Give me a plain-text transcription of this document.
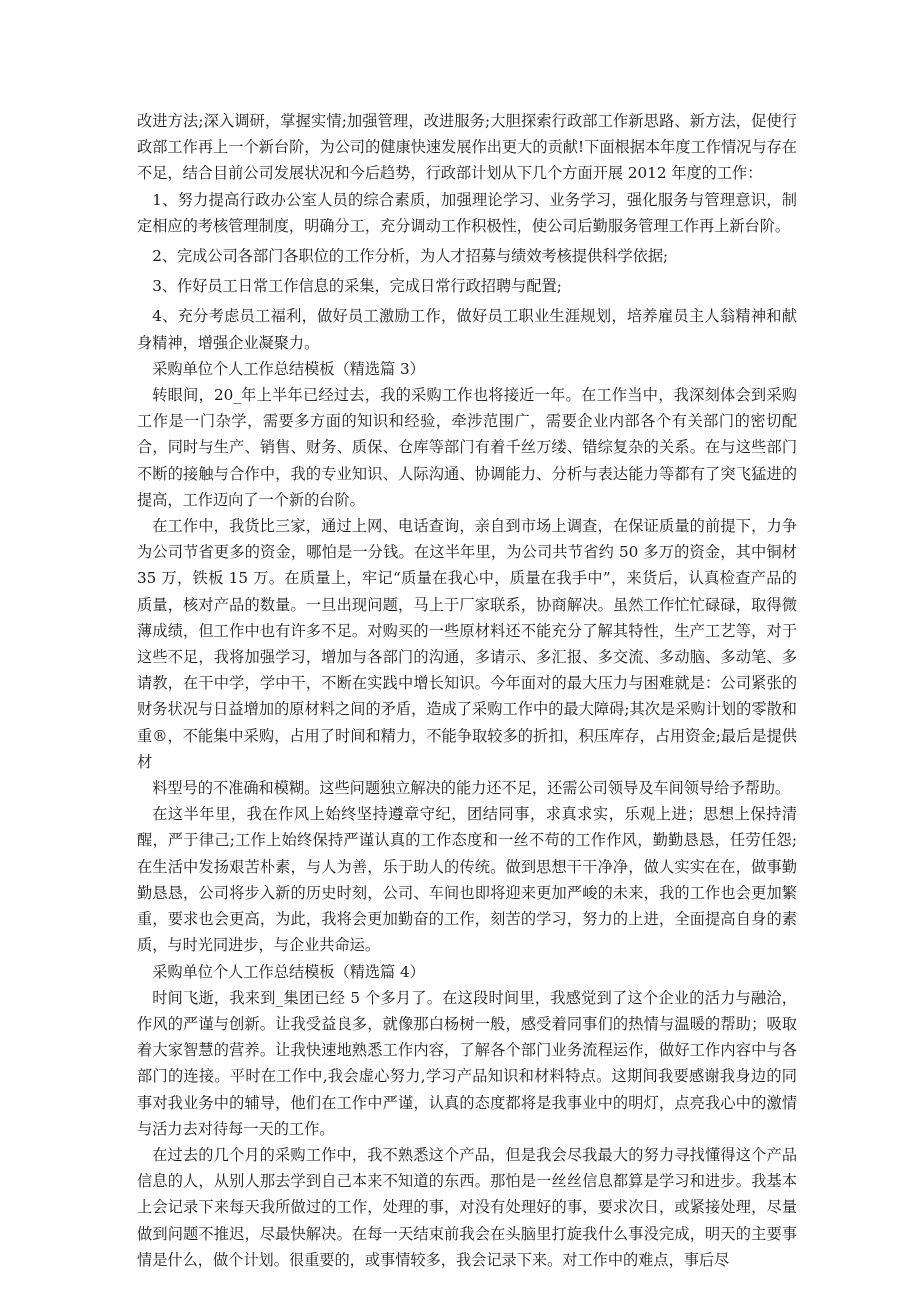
改进方法;深入调研，掌握实情;加强管理，改进服务;大胆探索行政部工作新思路、新方法，促使行政部工作再上一个新台阶，为公司的健康快速发展作出更大的贡献!下面根据本年度工作情况与存在不足，结合目前公司发展状况和今后趋势，行政部计划从下几个方面开展 2012 年度的工作：

1、努力提高行政办公室人员的综合素质，加强理论学习、业务学习，强化服务与管理意识，制定相应的考核管理制度，明确分工，充分调动工作积极性，使公司后勤服务管理工作再上新台阶。

2、完成公司各部门各职位的工作分析，为人才招募与绩效考核提供科学依据;

3、作好员工日常工作信息的采集，完成日常行政招聘与配置;

4、充分考虑员工福利，做好员工激励工作，做好员工职业生涯规划，培养雇员主人翁精神和献身精神，增强企业凝聚力。

采购单位个人工作总结模板（精选篇 3）

转眼间，20_年上半年已经过去，我的采购工作也将接近一年。在工作当中，我深刻体会到采购工作是一门杂学，需要多方面的知识和经验，牵涉范围广，需要企业内部各个有关部门的密切配合，同时与生产、销售、财务、质保、仓库等部门有着千丝万缕、错综复杂的关系。在与这些部门不断的接触与合作中，我的专业知识、人际沟通、协调能力、分析与表达能力等都有了突飞猛进的提高，工作迈向了一个新的台阶。

在工作中，我货比三家，通过上网、电话查询，亲自到市场上调查，在保证质量的前提下，力争为公司节省更多的资金，哪怕是一分钱。在这半年里，为公司共节省约 50 多万的资金，其中铜材 35 万，铁板 15 万。在质量上，牢记“质量在我心中，质量在我手中”，来货后，认真检查产品的质量，核对产品的数量。一旦出现问题，马上于厂家联系，协商解决。虽然工作忙忙碌碌，取得微薄成绩，但工作中也有许多不足。对购买的一些原材料还不能充分了解其特性，生产工艺等，对于这些不足，我将加强学习，增加与各部门的沟通，多请示、多汇报、多交流、多动脑、多动笔、多请教，在干中学，学中干，不断在实践中增长知识。今年面对的最大压力与困难就是：公司紧张的财务状况与日益增加的原材料之间的矛盾，造成了采购工作中的最大障碍;其次是采购计划的零散和重®，不能集中采购，占用了时间和精力，不能争取较多的折扣，积压库存，占用资金;最后是提供材

料型号的不准确和模糊。这些问题独立解决的能力还不足，还需公司领导及车间领导给予帮助。

在这半年里，我在作风上始终坚持遵章守纪，团结同事，求真求实，乐观上进；思想上保持清醒，严于律己;工作上始终保持严谨认真的工作态度和一丝不苟的工作作风，勤勤恳恳，任劳任怨;在生活中发扬艰苦朴素，与人为善，乐于助人的传统。做到思想干干净净，做人实实在在，做事勤勤恳恳，公司将步入新的历史时刻，公司、车间也即将迎来更加严峻的未来，我的工作也会更加繁重，要求也会更高，为此，我将会更加勤奋的工作，刻苦的学习，努力的上进，全面提高自身的素质，与时光同进步，与企业共命运。

采购单位个人工作总结模板（精选篇 4）

时间飞逝，我来到_集团已经 5 个多月了。在这段时间里，我感觉到了这个企业的活力与融洽，作风的严谨与创新。让我受益良多，就像那白杨树一般，感受着同事们的热情与温暖的帮助；吸取着大家智慧的营养。让我快速地熟悉工作内容，了解各个部门业务流程运作，做好工作内容中与各部门的连接。平时在工作中,我会虚心努力,学习产品知识和材料特点。这期间我要感谢我身边的同事对我业务中的辅导，他们在工作中严谨，认真的态度都将是我事业中的明灯，点亮我心中的激情与活力去对待每一天的工作。

在过去的几个月的采购工作中，我不熟悉这个产品，但是我会尽我最大的努力寻找懂得这个产品信息的人，从别人那去学到自己本来不知道的东西。那怕是一丝丝信息都算是学习和进步。我基本上会记录下来每天我所做过的工作，处理的事，对没有处理好的事，要求次日，或紧接处理，尽量做到问题不推迟，尽最快解决。在每一天结束前我会在头脑里打旋我什么事没完成，明天的主要事情是什么，做个计划。很重要的，或事情较多，我会记录下来。对工作中的难点，事后尽
